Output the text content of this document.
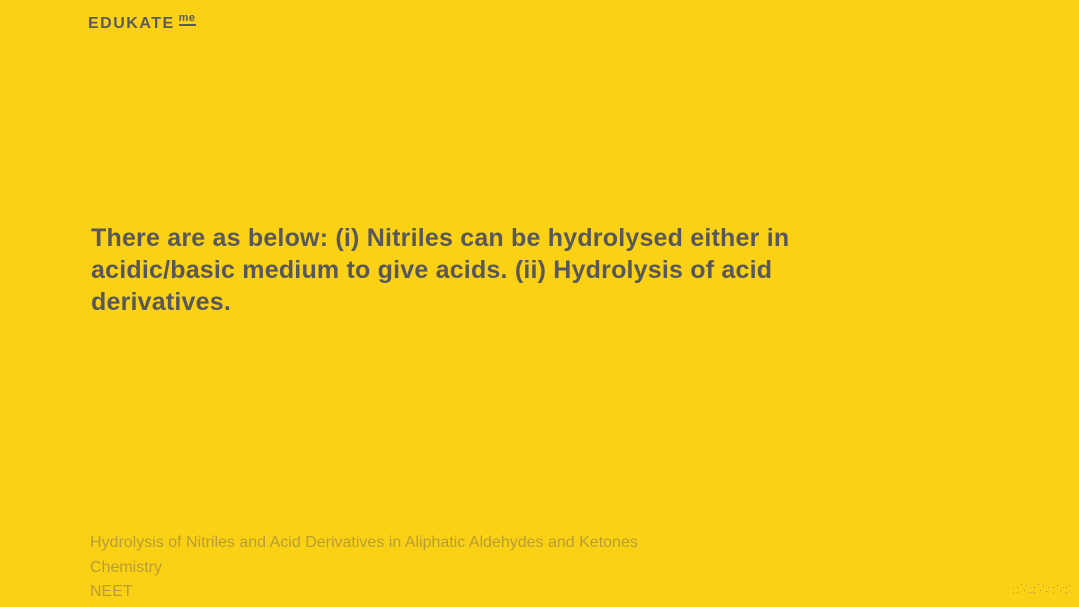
EDUKATE me
There are as below: (i) Nitriles can be hydrolysed either in
acidic/basic medium to give acids. (ii) Hydrolysis of acid
derivatives.
Hydrolysis of Nitriles and Acid Derivatives in Aliphatic Aldehydes and Ketones
Chemistry
NEET
